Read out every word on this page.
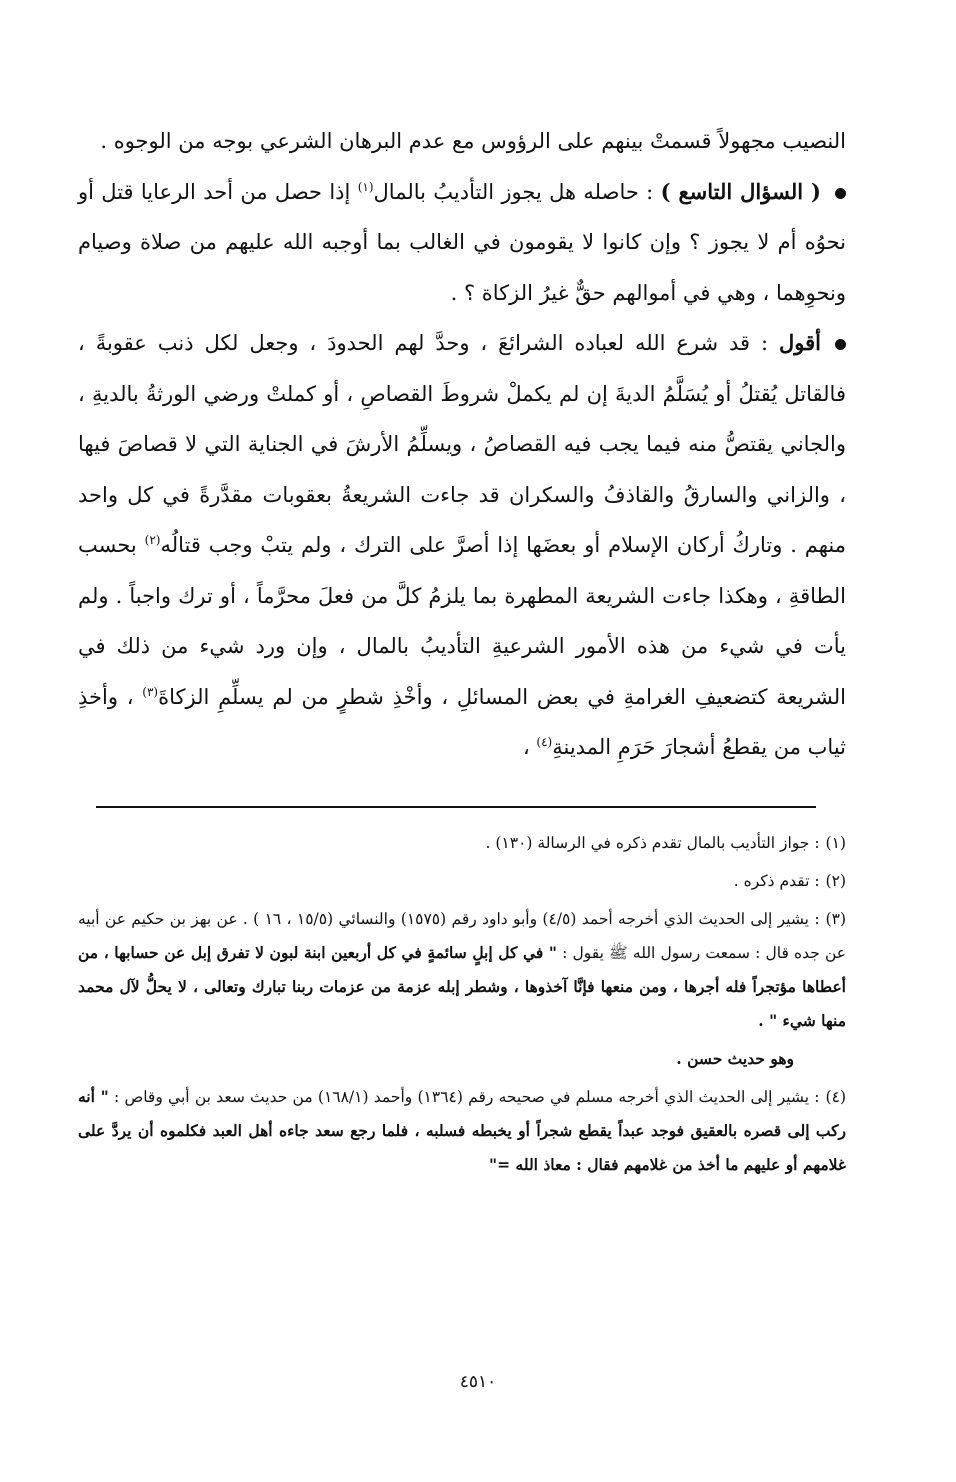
النصيب مجهولاً قسمتْ بينهم على الرؤوس مع عدم البرهان الشرعي بوجه من الوجوه .

( السؤال التاسع ) : حاصله هل يجوز التأديبُ بالمال$^{(١)}$ إذا حصل من أحد الرعايا قتل أو نحوُه أم لا يجوز ؟ وإن كانوا لا يقومون في الغالب بما أوجبه الله عليهم من صلاة وصيام ونحوِهما ، وهي في أموالهم حقٌّ غيرُ الزكاة ؟ .

أقول : قد شرع الله لعباده الشرائعَ ، وحدَّ لهم الحدودَ ، وجعل لكل ذنب عقوبةً ، فالقاتل يُقتلُ أو يُسَلَّمُ الديةَ إن لم يكملْ شروطَ القصاصِ ، أو كملتْ ورضي الورثةُ بالديةِ ، والجاني يقتصُّ منه فيما يجب فيه القصاصُ ، ويسلِّمُ الأرشَ في الجناية التي لا قصاصَ فيها ، والزاني والسارقُ والقاذفُ والسكران قد جاءت الشريعةُ بعقوبات مقدَّرةً في كل واحد منهم . وتاركُ أركان الإسلام أو بعضَها إذا أصرَّ على الترك ، ولم يتبْ وجب قتالُه$^{(٢)}$ بحسب الطاقةِ ، وهكذا جاءت الشريعة المطهرة بما يلزمُ كلَّ من فعلَ محرَّماً ، أو ترك واجباً . ولم يأت في شيء من هذه الأمور الشرعيةِ التأديبُ بالمال ، وإن ورد شيء من ذلك في الشريعة كتضعيفِ الغرامةِ في بعض المسائلِ ، وأخْذِ شطرٍ من لم يسلِّمِ الزكاةَ$^{(٣)}$ ، وأخذِ ثياب من يقطعُ أشجارَ حَرَمِ المدينةِ$^{(٤)}$ ،

(١): جواز التأديب بالمال تقدم ذكره في الرسالة (١٣٠) .

(٢): تقدم ذكره .

(٣): يشير إلى الحديث الذي أخرجه أحمد (٤/٥) وأبو داود رقم (١٥٧٥) والنسائي (١٥/٥ ، ١٦ ) . عن بهز بن حكيم عن أبيه عن جده قال : سمعت رسول الله ﷺ يقول : " في كل إبلٍ سائمةٍ في كل أربعين ابنة لبون لا تفرق إبل عن حسابها ، من أعطاها مؤتجراً فله أجرها ، ومن منعها فإنَّا آخذوها ، وشطر إبله عزمة من عزمات ربنا تبارك وتعالى ، لا يحلُّ لآل محمد منها شيء " .

وهو حديث حسن .

(٤): يشير إلى الحديث الذي أخرجه مسلم في صحيحه رقم (١٣٦٤) وأحمد (١٦٨/١) من حديث سعد بن أبي وقاص : " أنه ركب إلى قصره بالعقيق فوجد عبداً يقطع شجراً أو يخبطه فسلبه ، فلما رجع سعد جاءه أهل العبد فكلموه أن يردَّ على غلامهم أو عليهم ما أخذ من غلامهم فقال : معاذ الله ="

٤٥١٠
